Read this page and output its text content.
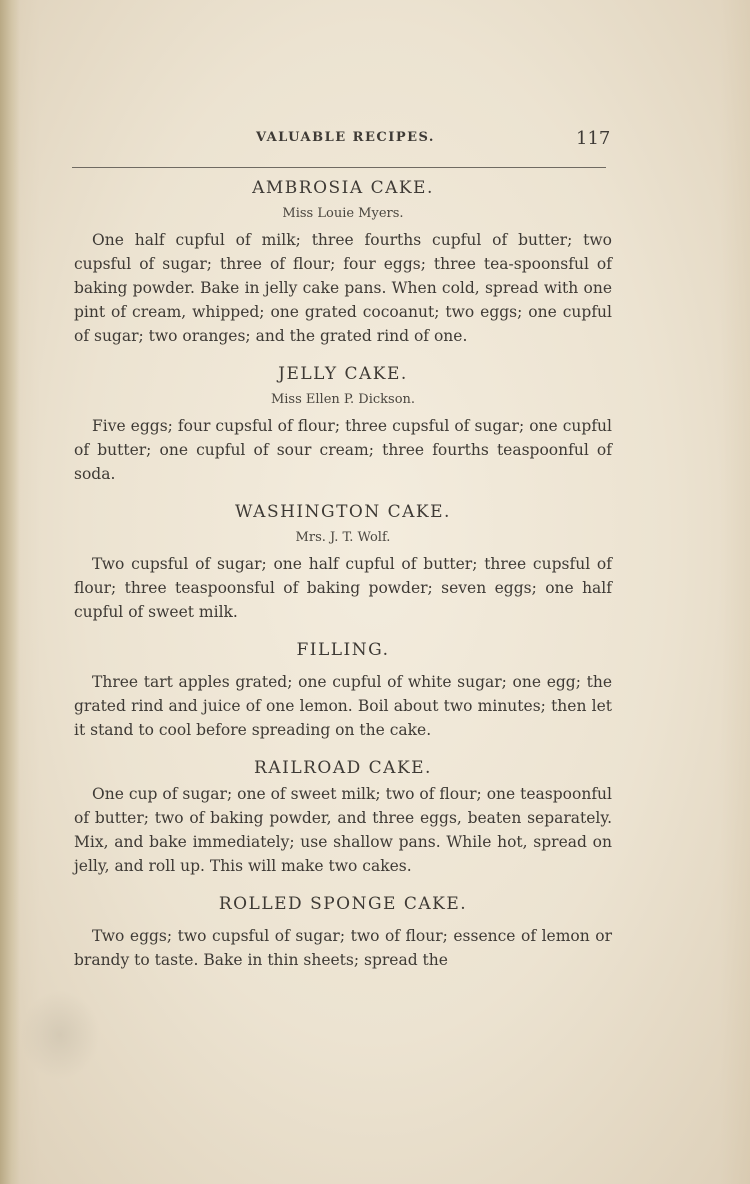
VALUABLE RECIPES.	117
AMBROSIA CAKE.
Miss Louie Myers.

One half cupful of milk; three fourths cupful of butter; two cupsful of sugar; three of flour; four eggs; three tea-spoonsful of baking powder. Bake in jelly cake pans. When cold, spread with one pint of cream, whipped; one grated cocoanut; two eggs; one cupful of sugar; two oranges; and the grated rind of one.

JELLY CAKE.
Miss Ellen P. Dickson.

Five eggs; four cupsful of flour; three cupsful of sugar; one cupful of butter; one cupful of sour cream; three fourths teaspoonful of soda.

WASHINGTON CAKE.
Mrs. J. T. Wolf.

Two cupsful of sugar; one half cupful of butter; three cupsful of flour; three teaspoonsful of baking powder; seven eggs; one half cupful of sweet milk.

FILLING.

Three tart apples grated; one cupful of white sugar; one egg; the grated rind and juice of one lemon. Boil about two minutes; then let it stand to cool before spreading on the cake.

RAILROAD CAKE.

One cup of sugar; one of sweet milk; two of flour; one teaspoonful of butter; two of baking powder, and three eggs, beaten separately. Mix, and bake immediately; use shallow pans. While hot, spread on jelly, and roll up. This will make two cakes.

ROLLED SPONGE CAKE.

Two eggs; two cupsful of sugar; two of flour; essence of lemon or brandy to taste. Bake in thin sheets; spread the
